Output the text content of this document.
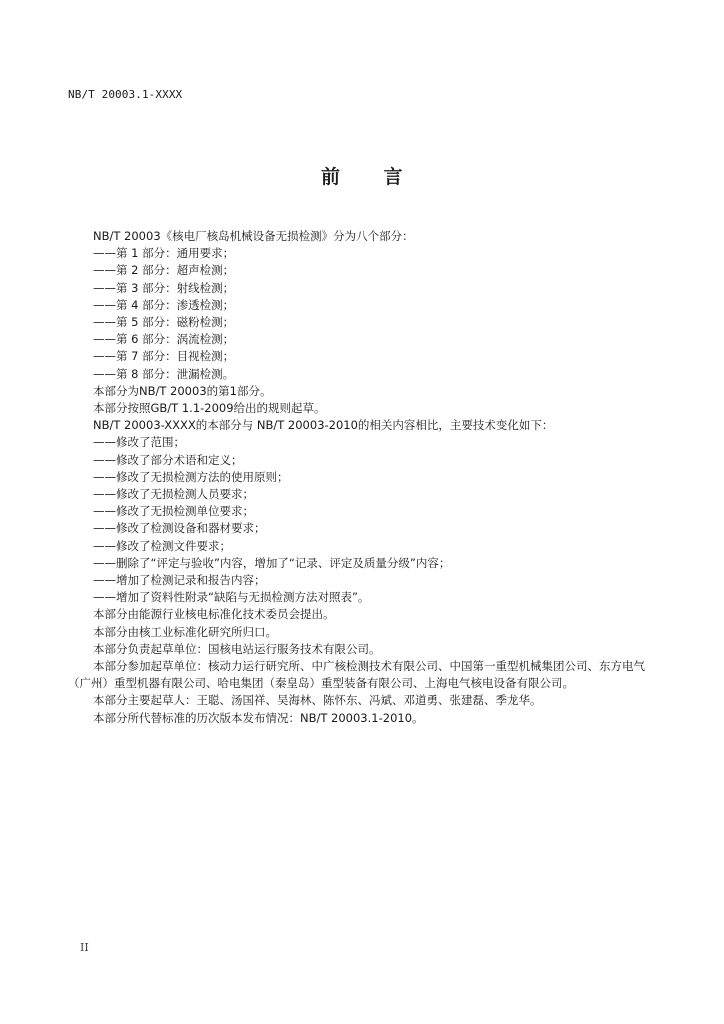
NB/T 20003.1-XXXX
前 言

NB/T 20003《核电厂核岛机械设备无损检测》分为八个部分：

——第 1 部分：通用要求；

——第 2 部分：超声检测；

——第 3 部分：射线检测；

——第 4 部分：渗透检测；

——第 5 部分：磁粉检测；

——第 6 部分：涡流检测；

——第 7 部分：目视检测；

——第 8 部分：泄漏检测。

本部分为NB/T 20003的第1部分。

本部分按照GB/T 1.1-2009给出的规则起草。

NB/T 20003-XXXX的本部分与 NB/T 20003-2010的相关内容相比，主要技术变化如下：

——修改了范围；

——修改了部分术语和定义；

——修改了无损检测方法的使用原则；

——修改了无损检测人员要求；

——修改了无损检测单位要求；

——修改了检测设备和器材要求；

——修改了检测文件要求；

——删除了“评定与验收”内容，增加了“记录、评定及质量分级”内容；

——增加了检测记录和报告内容；

——增加了资料性附录“缺陷与无损检测方法对照表”。

本部分由能源行业核电标准化技术委员会提出。

本部分由核工业标准化研究所归口。

本部分负责起草单位：国核电站运行服务技术有限公司。

本部分参加起草单位：核动力运行研究所、中广核检测技术有限公司、中国第一重型机械集团公司、东方电气（广州）重型机器有限公司、哈电集团（秦皇岛）重型装备有限公司、上海电气核电设备有限公司。

本部分主要起草人：王聪、汤国祥、吴海林、陈怀东、冯斌、邓道勇、张建磊、季龙华。

本部分所代替标准的历次版本发布情况：NB/T 20003.1-2010。

II
